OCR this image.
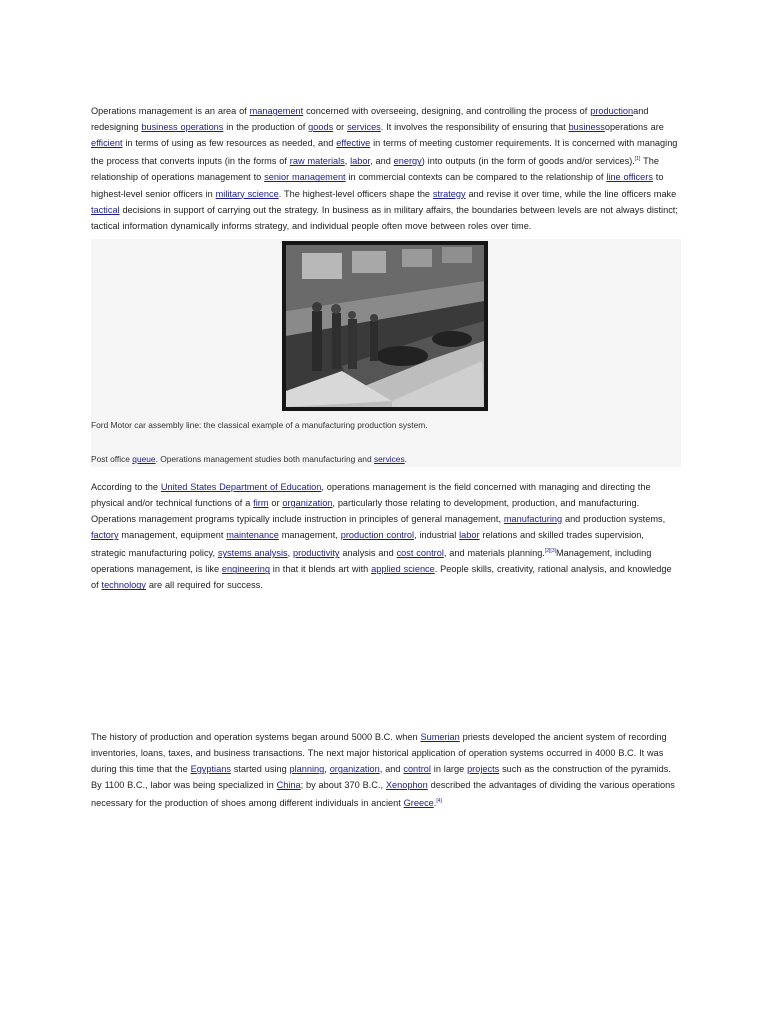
Operations management is an area of management concerned with overseeing, designing, and controlling the process of productionand redesigning business operations in the production of goods or services. It involves the responsibility of ensuring that businessoperations are efficient in terms of using as few resources as needed, and effective in terms of meeting customer requirements. It is concerned with managing the process that converts inputs (in the forms of raw materials, labor, and energy) into outputs (in the form of goods and/or services).[1] The relationship of operations management to senior management in commercial contexts can be compared to the relationship of line officers to highest-level senior officers in military science. The highest-level officers shape the strategy and revise it over time, while the line officers make tactical decisions in support of carrying out the strategy. In business as in military affairs, the boundaries between levels are not always distinct; tactical information dynamically informs strategy, and individual people often move between roles over time.

Ford Motor car assembly line: the classical example of a manufacturing production system.
Post office queue. Operations management studies both manufacturing and services.

According to the United States Department of Education, operations management is the field concerned with managing and directing the physical and/or technical functions of a firm or organization, particularly those relating to development, production, and manufacturing. Operations management programs typically include instruction in principles of general management, manufacturing and production systems, factory management, equipment maintenance management, production control, industrial labor relations and skilled trades supervision, strategic manufacturing policy, systems analysis, productivity analysis and cost control, and materials planning.[2][3]Management, including operations management, is like engineering in that it blends art with applied science. People skills, creativity, rational analysis, and knowledge of technology are all required for success.

The history of production and operation systems began around 5000 B.C. when Sumerian priests developed the ancient system of recording inventories, loans, taxes, and business transactions. The next major historical application of operation systems occurred in 4000 B.C. It was during this time that the Egyptians started using planning, organization, and control in large projects such as the construction of the pyramids. By 1100 B.C., labor was being specialized in China; by about 370 B.C., Xenophon described the advantages of dividing the various operations necessary for the production of shoes among different individuals in ancient Greece.[4]
